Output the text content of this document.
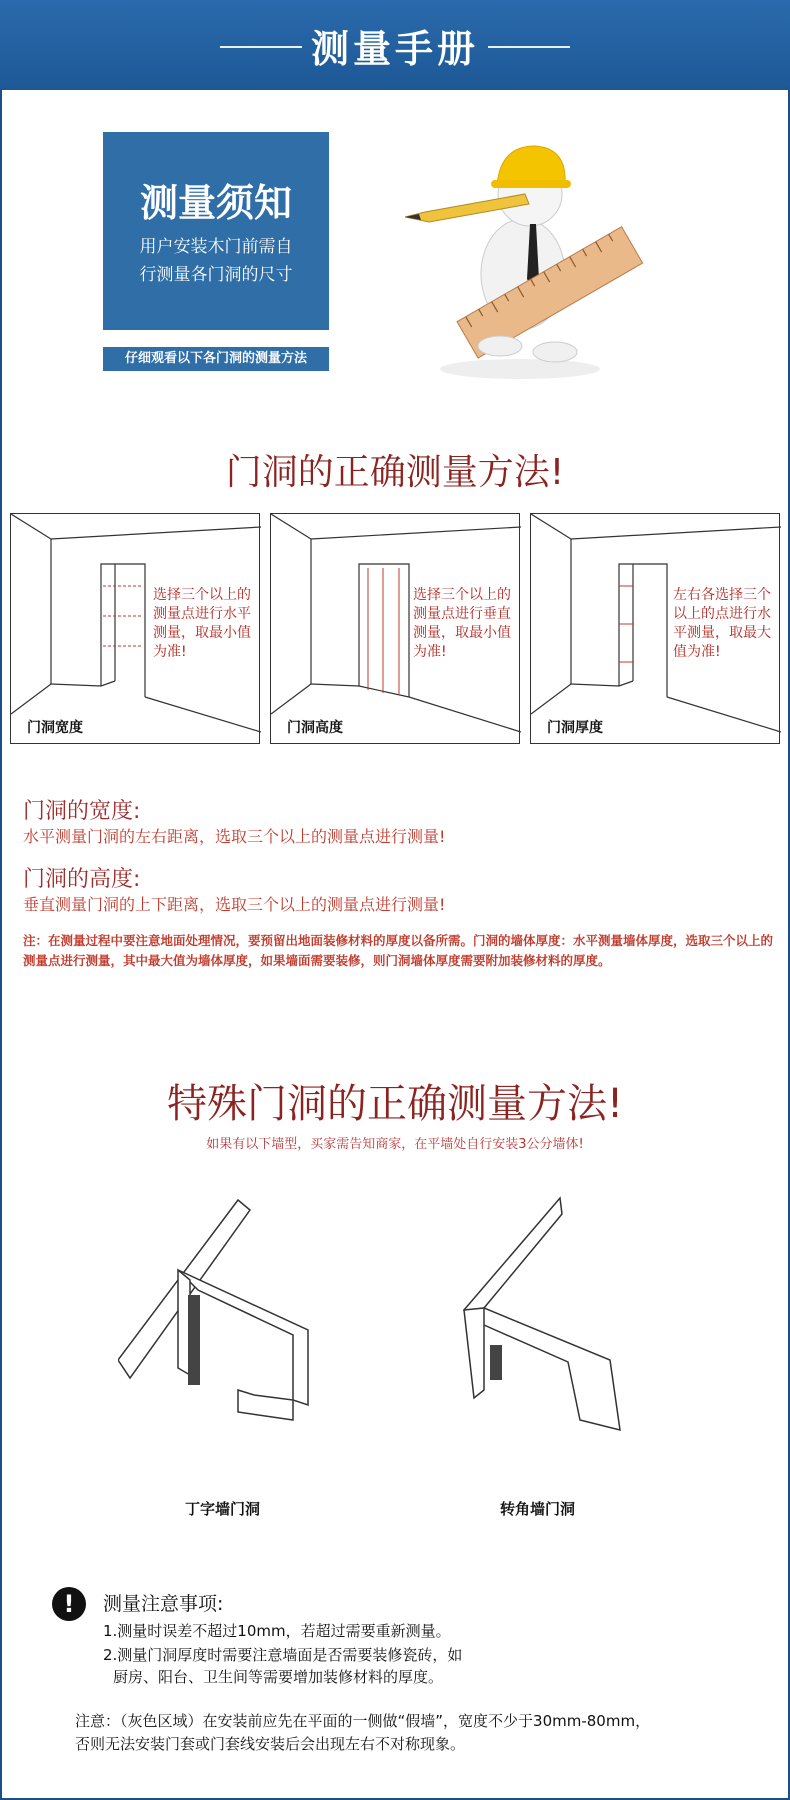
测量手册
测量须知
用户安装木门前需自
行测量各门洞的尺寸
仔细观看以下各门洞的测量方法
门洞的正确测量方法!
选择三个以上的测量点进行水平测量，取最小值为准!
门洞宽度
选择三个以上的测量点进行垂直测量，取最小值为准!
门洞高度
左右各选择三个以上的点进行水平测量，取最大值为准!
门洞厚度
门洞的宽度:
水平测量门洞的左右距离，选取三个以上的测量点进行测量!
门洞的高度:
垂直测量门洞的上下距离，选取三个以上的测量点进行测量!
注：在测量过程中要注意地面处理情况，要预留出地面装修材料的厚度以备所需。门洞的墙体厚度：水平测量墙体厚度，选取三个以上的测量点进行测量，其中最大值为墙体厚度，如果墙面需要装修，则门洞墙体厚度需要附加装修材料的厚度。
特殊门洞的正确测量方法!
如果有以下墙型，买家需告知商家，在平墙处自行安装3公分墙体!
丁字墙门洞	转角墙门洞
!	测量注意事项:
1.测量时误差不超过10mm，若超过需要重新测量。
2.测量门洞厚度时需要注意墙面是否需要装修瓷砖，如
厨房、阳台、卫生间等需要增加装修材料的厚度。
注意：（灰色区域）在安装前应先在平面的一侧做“假墙”，宽度不少于30mm-80mm，
否则无法安装门套或门套线安装后会出现左右不对称现象。
